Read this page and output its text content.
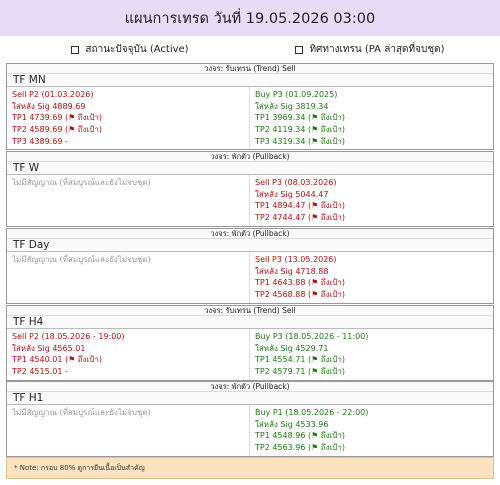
แผนการเทรด วันที่ 19.05.2026 03:00
สถานะปัจจุบัน (Active)	ทิศทางเทรน (PA ล่าสุดที่จบชุด)
วงจร: รับเทรน (Trend) Sell
TF MN
Sell P2 (01.03.2026)
ใส่หลัง Sig 4889.69
TP1 4739.69 (⚑ ถึงเป้า)
TP2 4589.69 (⚑ ถึงเป้า)
TP3 4389.69 -
Buy P3 (01.09.2025)
ใส่หลัง Sig 3819.34
TP1 3969.34 (⚑ ถึงเป้า)
TP2 4119.34 (⚑ ถึงเป้า)
TP3 4319.34 (⚑ ถึงเป้า)
วงจร: พักตัว (Pullback)
TF W
ไม่มีสัญญาณ (ที่สมบูรณ์และยังไม่จบชุด)	Sell P3 (08.03.2026)
ใส่หลัง Sig 5044.47
TP1 4894.47 (⚑ ถึงเป้า)
TP2 4744.47 (⚑ ถึงเป้า)
วงจร: พักตัว (Pullback)
TF Day
ไม่มีสัญญาณ (ที่สมบูรณ์และยังไม่จบชุด)	Sell P3 (13.05.2026)
ใส่หลัง Sig 4718.88
TP1 4643.88 (⚑ ถึงเป้า)
TP2 4568.88 (⚑ ถึงเป้า)
วงจร: รับเทรน (Trend) Sell
TF H4
Sell P2 (18.05.2026 - 19:00)
ใส่หลัง Sig 4565.01
TP1 4540.01 (⚑ ถึงเป้า)
TP2 4515.01 -
Buy P3 (18.05.2026 - 11:00)
ใส่หลัง Sig 4529.71
TP1 4554.71 (⚑ ถึงเป้า)
TP2 4579.71 (⚑ ถึงเป้า)
วงจร: พักตัว (Pullback)
TF H1
ไม่มีสัญญาณ (ที่สมบูรณ์และยังไม่จบชุด)	Buy P1 (18.05.2026 - 22:00)
ใส่หลัง Sig 4533.96
TP1 4548.96 (⚑ ถึงเป้า)
TP2 4563.96 (⚑ ถึงเป้า)
* Note: กรอบ 80% ดูการยืนเนื้อเป็นสำคัญ
